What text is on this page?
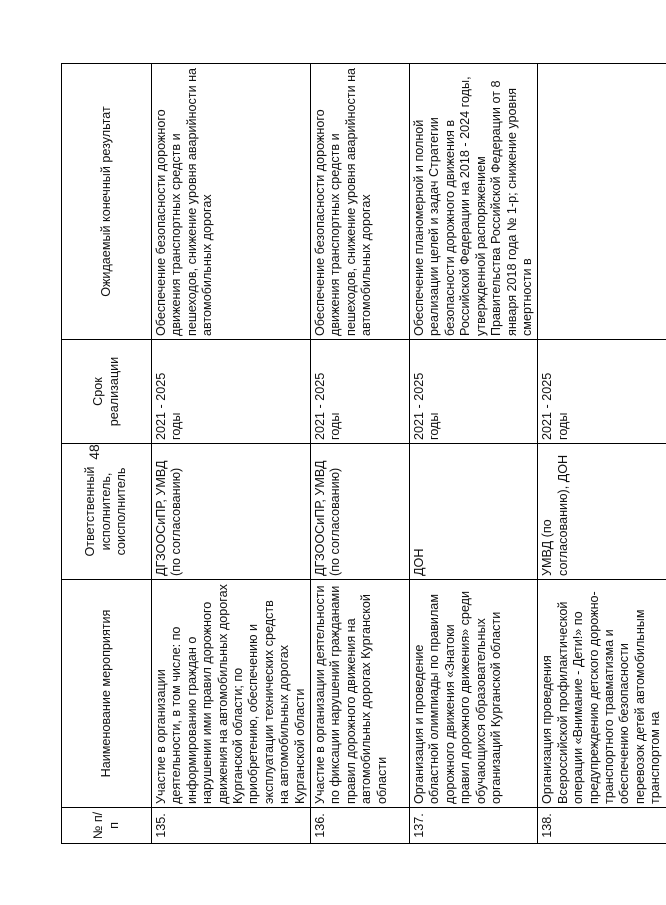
48
№ п/п	Наименование мероприятия	Ответственный исполнитель, соисполнитель	Срок реализации	Ожидаемый конечный результат
135.	Участие в организации деятельности, в том числе: по информированию граждан о нарушении ими правил дорожного движения на автомобильных дорогах Курганской области; по приобретению, обеспечению и эксплуатации технических средств на автомобильных дорогах Курганской области	ДГЗООСиПР, УМВД (по согласованию)	2021 - 2025 годы	Обеспечение безопасности дорожного движения транспортных средств и пешеходов, снижение уровня аварийности на автомобильных дорогах
136.	Участие в организации деятельности по фиксации нарушений гражданами правил дорожного движения на автомобильных дорогах Курганской области	ДГЗООСиПР, УМВД (по согласованию)	2021 - 2025 годы	Обеспечение безопасности дорожного движения транспортных средств и пешеходов, снижение уровня аварийности на автомобильных дорогах
137.	Организация и проведение областной олимпиады по правилам дорожного движения «Знатоки правил дорожного движения» среди обучающихся образовательных организаций Курганской области	ДОН	2021 - 2025 годы	Обеспечение планомерной и полной реализации целей и задач Стратегии безопасности дорожного движения в Российской Федерации на 2018 - 2024 годы, утвержденной распоряжением Правительства Российской Федерации от 8 января 2018 года № 1-р; снижение уровня смертности в
138.	Организация проведения Всероссийской профилактической операции «Внимание - Дети!» по предупреждению детского дорожно-транспортного травматизма и обеспечению безопасности перевозок детей автомобильным транспортом на	УМВД (по согласованию), ДОН	2021 - 2025 годы	
